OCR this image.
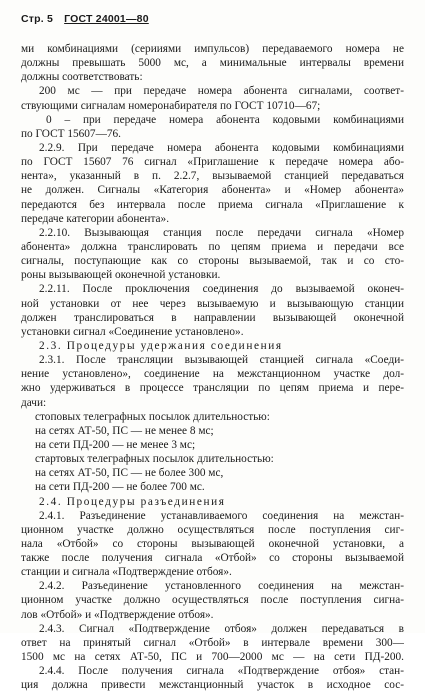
Стр. 5 ГОСТ 24001—80
ми комбинациями (серииями импульсов) передаваемого номера не
должны превышать 5000 мс, а минимальные интервалы времени
должны соответствовать:
200 мс — при передаче номера абонента сигналами, соответ-
ствующими сигналам номеронабирателя по ГОСТ 10710—67;
0 – при передаче номера абонента кодовыми комбинациями
по ГОСТ 15607—76.
2.2.9. При передаче номера абонента кодовыми комбинациями
по ГОСТ 15607 76 сигнал «Приглашение к передаче номера або-
нента», указанный в п. 2.2.7, вызываемой станцией передаваться
не должен. Сигналы «Категория абонента» и «Номер абонента»
передаются без интервала после приема сигнала «Приглашение к
передаче категории абонента».
2.2.10. Вызывающая станция после передачи сигнала «Номер
абонента» должна транслировать по цепям приема и передачи все
сигналы, поступающие как со стороны вызываемой, так и со сто-
роны вызывающей оконечной установки.
2.2.11. После проключения соединения до вызываемой оконеч-
ной установки от нее через вызываемую и вызывающую станции
должен транслироваться в направлении вызывающей оконечной
установки сигнал «Соединение установлено».
2.3. Процедуры удержания соединения
2.3.1. После трансляции вызывающей станцией сигнала «Соеди-
нение установлено», соединение на межстанционном участке дол-
жно удерживаться в процессе трансляции по цепям приема и пере-
дачи:
стоповых телеграфных посылок длительностью:
на сетях АТ-50, ПС — не менее 8 мс;
на сети ПД-200 — не менее 3 мс;
стартовых телеграфных посылок длительностью:
на сетях АТ-50, ПС — не более 300 мс,
на сети ПД-200 — не более 700 мс.
2.4. Процедуры разъединения
2.4.1. Разъединение устанавливаемого соединения на межстан-
ционном участке должно осуществляться после поступления сиг-
нала «Отбой» со стороны вызывающей оконечной установки, а
также после получения сигнала «Отбой» со стороны вызываемой
станции и сигнала «Подтверждение отбоя».
2.4.2. Разъединение установленного соединения на межстан-
ционном участке должно осуществляться после поступления сигна-
лов «Отбой» и «Подтверждение отбоя».
2.4.3. Сигнал «Подтверждение отбоя» должен передаваться в
ответ на принятый сигнал «Отбой» в интервале времени 300—
1500 мс на сетях АТ-50, ПС и 700—2000 мс — на сети ПД-200.
2.4.4. После получения сигнала «Подтверждение отбоя» стан-
ция должна привести межстанционный участок в исходное сос-
